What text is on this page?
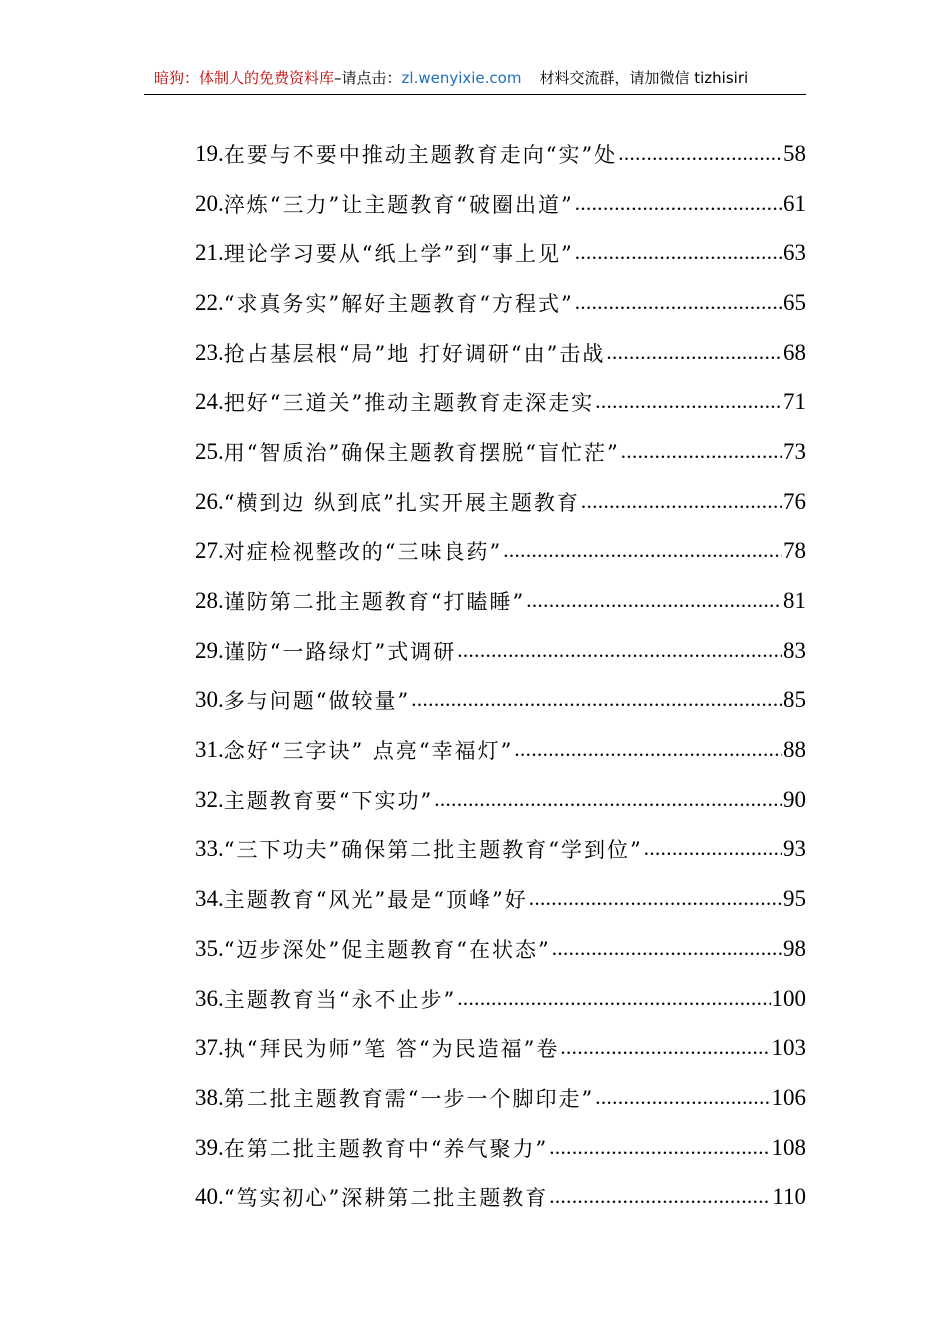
暗狗：体制人的免费资料库 –请点击： zl.wenyixie.com 材料交流群，请加微信 tizhisiri
19. 在要与不要中推动主题教育走向“实”处 .....	58
20. 淬炼“三力”让主题教育“破圈出道” .....	61
21. 理论学习要从“纸上学”到“事上见” .....	63
22. “求真务实”解好主题教育“方程式” .....	65
23. 抢占基层根“局”地 打好调研“由”击战 .....	68
24. 把好“三道关”推动主题教育走深走实 .....	71
25. 用“智质治”确保主题教育摆脱“盲忙茫” .....	73
26. “横到边 纵到底”扎实开展主题教育 .....	76
27. 对症检视整改的“三味良药” .....	78
28. 谨防第二批主题教育“打瞌睡” .....	81
29. 谨防“一路绿灯”式调研 .....	83
30. 多与问题“做较量” .....	85
31. 念好“三字诀” 点亮“幸福灯” .....	88
32. 主题教育要“下实功” .....	90
33. “三下功夫”确保第二批主题教育“学到位” .....	93
34. 主题教育“风光”最是“顶峰”好 .....	95
35. “迈步深处”促主题教育“在状态” .....	98
36. 主题教育当“永不止步” .....	100
37. 执“拜民为师”笔 答“为民造福”卷 .....	103
38. 第二批主题教育需“一步一个脚印走” .....	106
39. 在第二批主题教育中“养气聚力” .....	108
40. “笃实初心”深耕第二批主题教育 .....	110
